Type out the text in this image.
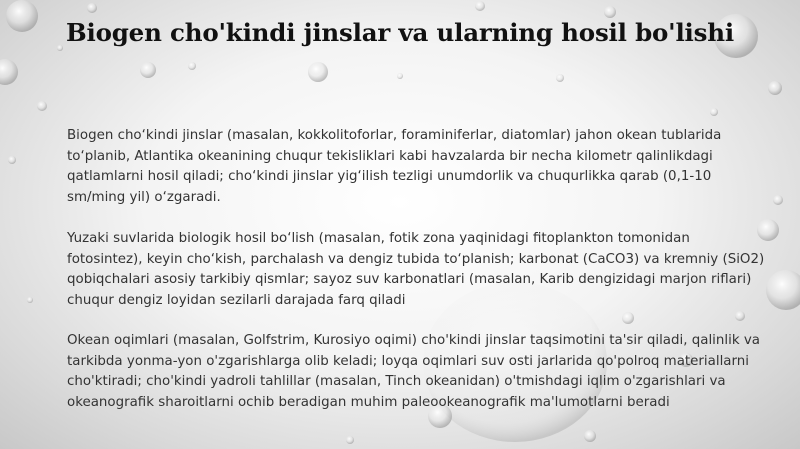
Biogen cho'kindi jinslar va ularning hosil bo'lishi

Biogen cho‘kindi jinslar (masalan, kokkolitoforlar, foraminiferlar, diatomlar) jahon okean tublarida to‘planib, Atlantika okeanining chuqur tekisliklari kabi havzalarda bir necha kilometr qalinlikdagi qatlamlarni hosil qiladi; cho‘kindi jinslar yig‘ilish tezligi unumdorlik va chuqurlikka qarab (0,1-10 sm/ming yil) o‘zgaradi.

Yuzaki suvlarida biologik hosil bo‘lish (masalan, fotik zona yaqinidagi fitoplankton tomonidan fotosintez), keyin cho‘kish, parchalash va dengiz tubida to‘planish; karbonat (CaCO3) va kremniy (SiO2) qobiqchalari asosiy tarkibiy qismlar; sayoz suv karbonatlari (masalan, Karib dengizidagi marjon riflari) chuqur dengiz loyidan sezilarli darajada farq qiladi

Okean oqimlari (masalan, Golfstrim, Kurosiyo oqimi) cho'kindi jinslar taqsimotini ta'sir qiladi, qalinlik va tarkibda yonma-yon o'zgarishlarga olib keladi; loyqa oqimlari suv osti jarlarida qo'polroq materiallarni cho'ktiradi; cho'kindi yadroli tahlillar (masalan, Tinch okeanidan) o'tmishdagi iqlim o'zgarishlari va okeanografik sharoitlarni ochib beradigan muhim paleookeanografik ma'lumotlarni beradi
